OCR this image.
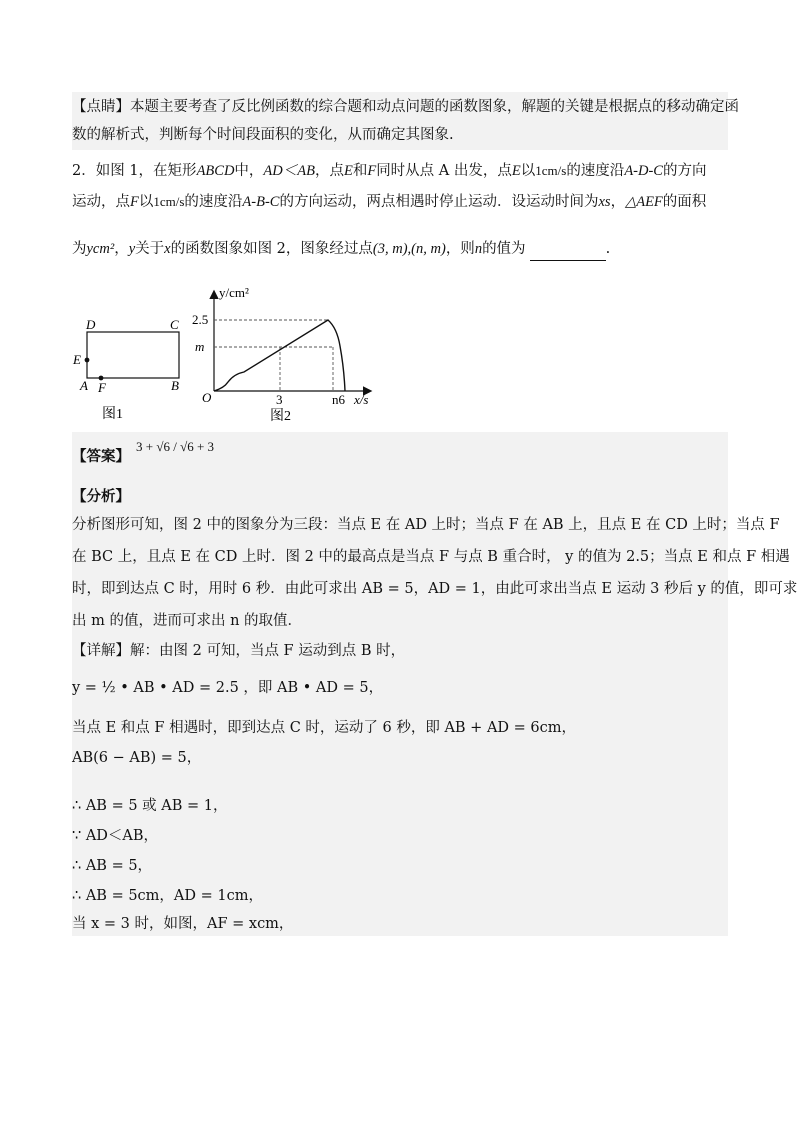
【点睛】本题主要考查了反比例函数的综合题和动点问题的函数图象，解题的关键是根据点的移动确定函
数的解析式，判断每个时间段面积的变化，从而确定其图象.
2．如图 1，在矩形ABCD中，AD＜AB，点E和F同时从点 A 出发，点E以1cm/s的速度沿A-D-C的方向
运动，点F以1cm/s的速度沿A-B-C的方向运动，两点相遇时停止运动．设运动时间为xs，△AEF的面积
为ycm²，y关于x的函数图象如图 2，图象经过点(3, m),(n, m)，则n的值为	.
D	C
E
A F	B
图1
y/cm²
2.5
m
O	3	n6 x/s
图2
【答案】3 + √6 / √6 + 3
【分析】
分析图形可知，图 2 中的图象分为三段：当点 E 在 AD 上时；当点 F 在 AB 上，且点 E 在 CD 上时；当点 F
在 BC 上，且点 E 在 CD 上时．图 2 中的最高点是当点 F 与点 B 重合时， y 的值为 2.5；当点 E 和点 F 相遇
时，即到达点 C 时，用时 6 秒．由此可求出 AB = 5，AD = 1，由此可求出当点 E 运动 3 秒后 y 的值，即可求
出 m 的值，进而可求出 n 的取值．
【详解】解：由图 2 可知，当点 F 运动到点 B 时，
y = ½ • AB • AD = 2.5 ，即 AB • AD = 5，
当点 E 和点 F 相遇时，即到达点 C 时，运动了 6 秒，即 AB + AD = 6cm，
AB(6 − AB) = 5，
∴ AB = 5 或 AB = 1，
∵ AD＜AB，
∴ AB = 5，
∴ AB = 5cm，AD = 1cm，
当 x = 3 时，如图，AF = xcm，
